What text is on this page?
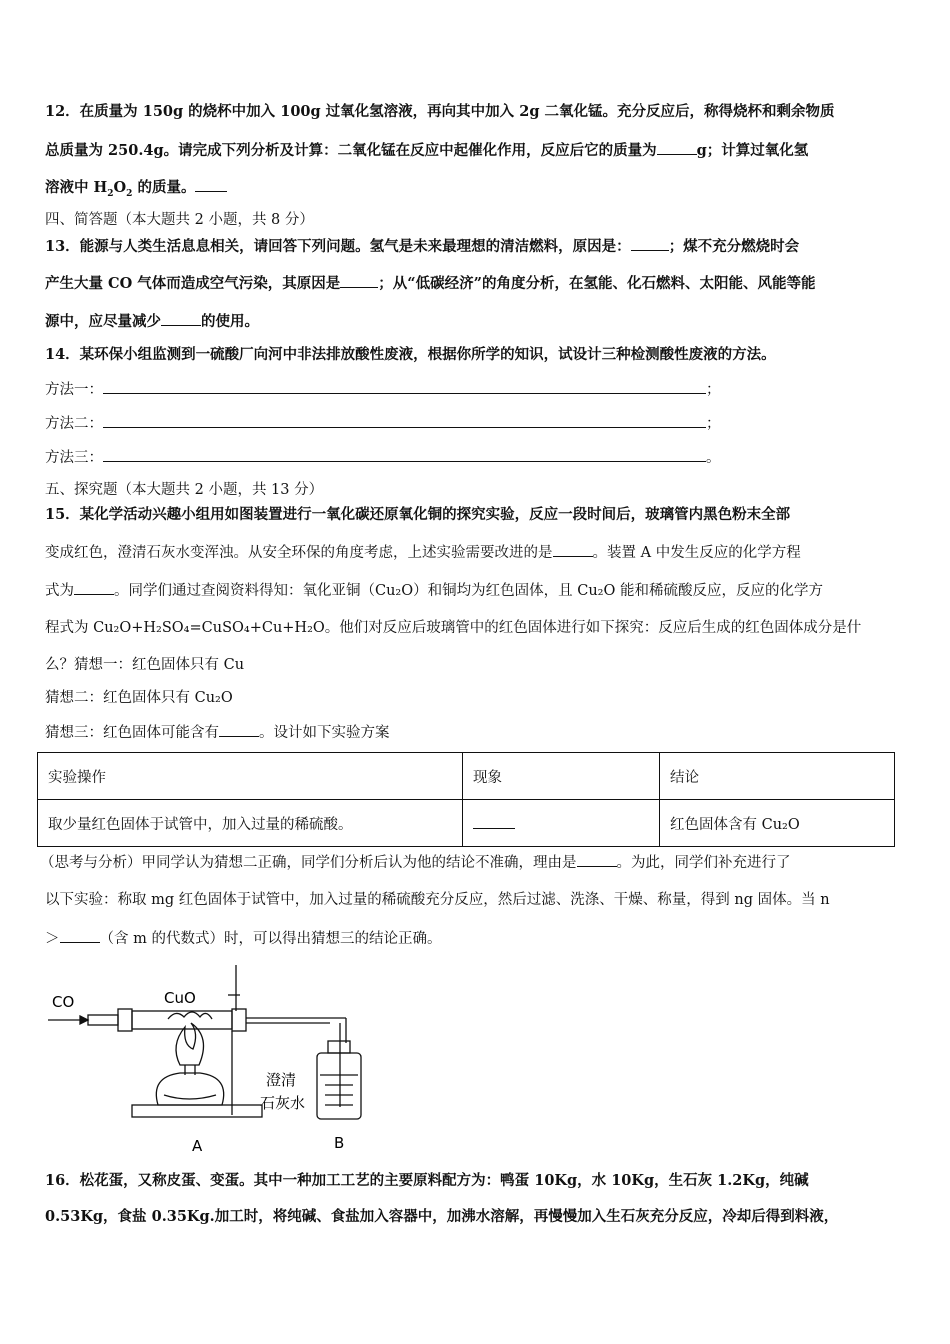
12．在质量为 150g 的烧杯中加入 100g 过氧化氢溶液，再向其中加入 2g 二氧化锰。充分反应后，称得烧杯和剩余物质
总质量为 250.4g。请完成下列分析及计算：二氧化锰在反应中起催化作用，反应后它的质量为	g；计算过氧化氢
溶液中 $H_2O_2$ 的质量。
四、简答题（本大题共 2 小题，共 8 分）
13．能源与人类生活息息相关，请回答下列问题。氢气是未来最理想的清洁燃料，原因是：	；煤不充分燃烧时会
产生大量 CO 气体而造成空气污染，其原因是	；从“低碳经济”的角度分析，在氢能、化石燃料、太阳能、风能等能
源中，应尽量减少	的使用。
14．某环保小组监测到一硫酸厂向河中非法排放酸性废液，根据你所学的知识，试设计三种检测酸性废液的方法。
方法一：	；
方法二：	；
方法三：	。
五、探究题（本大题共 2 小题，共 13 分）
15．某化学活动兴趣小组用如图装置进行一氧化碳还原氧化铜的探究实验，反应一段时间后，玻璃管内黑色粉末全部
变成红色，澄清石灰水变浑浊。从安全环保的角度考虑，上述实验需要改进的是	。装置 A 中发生反应的化学方程
式为	。同学们通过查阅资料得知：氧化亚铜（Cu₂O）和铜均为红色固体，且 Cu₂O 能和稀硫酸反应，反应的化学方
程式为 Cu₂O+H₂SO₄=CuSO₄+Cu+H₂O。他们对反应后玻璃管中的红色固体进行如下探究：反应后生成的红色固体成分是什
么？猜想一：红色固体只有 Cu
猜想二：红色固体只有 Cu₂O
猜想三：红色固体可能含有	。设计如下实验方案
实验操作	现象	结论
取少量红色固体于试管中，加入过量的稀硫酸。		红色固体含有 Cu₂O
（思考与分析）甲同学认为猜想二正确，同学们分析后认为他的结论不准确，理由是	。为此，同学们补充进行了
以下实验：称取 mg 红色固体于试管中，加入过量的稀硫酸充分反应，然后过滤、洗涤、干燥、称量，得到 ng 固体。当 n
＞	（含 m 的代数式）时，可以得出猜想三的结论正确。
CO	CuO
澄清
石灰水
A	B
16．松花蛋，又称皮蛋、变蛋。其中一种加工工艺的主要原料配方为：鸭蛋 10Kg，水 10Kg，生石灰 1.2Kg，纯碱
0.53Kg，食盐 0.35Kg.加工时，将纯碱、食盐加入容器中，加沸水溶解，再慢慢加入生石灰充分反应，冷却后得到料液，
